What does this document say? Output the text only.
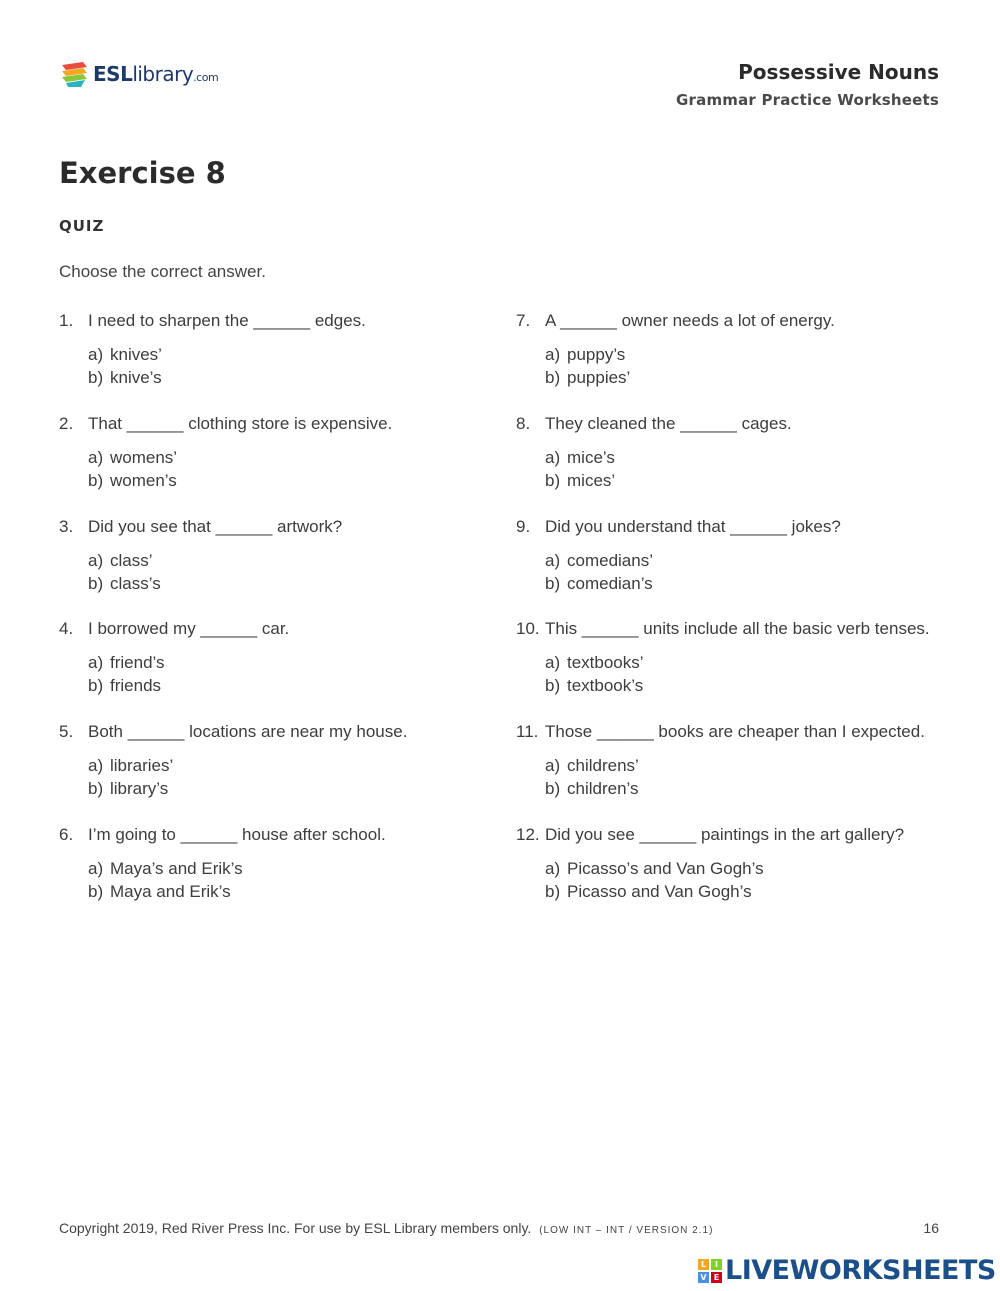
ESLlibrary.com	Possessive Nouns
Grammar Practice Worksheets
Exercise 8
QUIZ
Choose the correct answer.
1. I need to sharpen the ______ edges.
a) knives’
b) knive’s
2. That ______ clothing store is expensive.
a) womens’
b) women’s
3. Did you see that ______ artwork?
a) class’
b) class’s
4. I borrowed my ______ car.
a) friend’s
b) friends
5. Both ______ locations are near my house.
a) libraries’
b) library’s
6. I’m going to ______ house after school.
a) Maya’s and Erik’s
b) Maya and Erik’s
7. A ______ owner needs a lot of energy.
a) puppy’s
b) puppies’
8. They cleaned the ______ cages.
a) mice’s
b) mices’
9. Did you understand that ______ jokes?
a) comedians’
b) comedian’s
10. This ______ units include all the basic verb tenses.
a) textbooks’
b) textbook’s
11. Those ______ books are cheaper than I expected.
a) childrens’
b) children’s
12. Did you see ______ paintings in the art gallery?
a) Picasso’s and Van Gogh’s
b) Picasso and Van Gogh’s
Copyright 2019, Red River Press Inc. For use by ESL Library members only. (LOW INT – INT / VERSION 2.1)	16
L	I
V E LIVEWORKSHEETS
